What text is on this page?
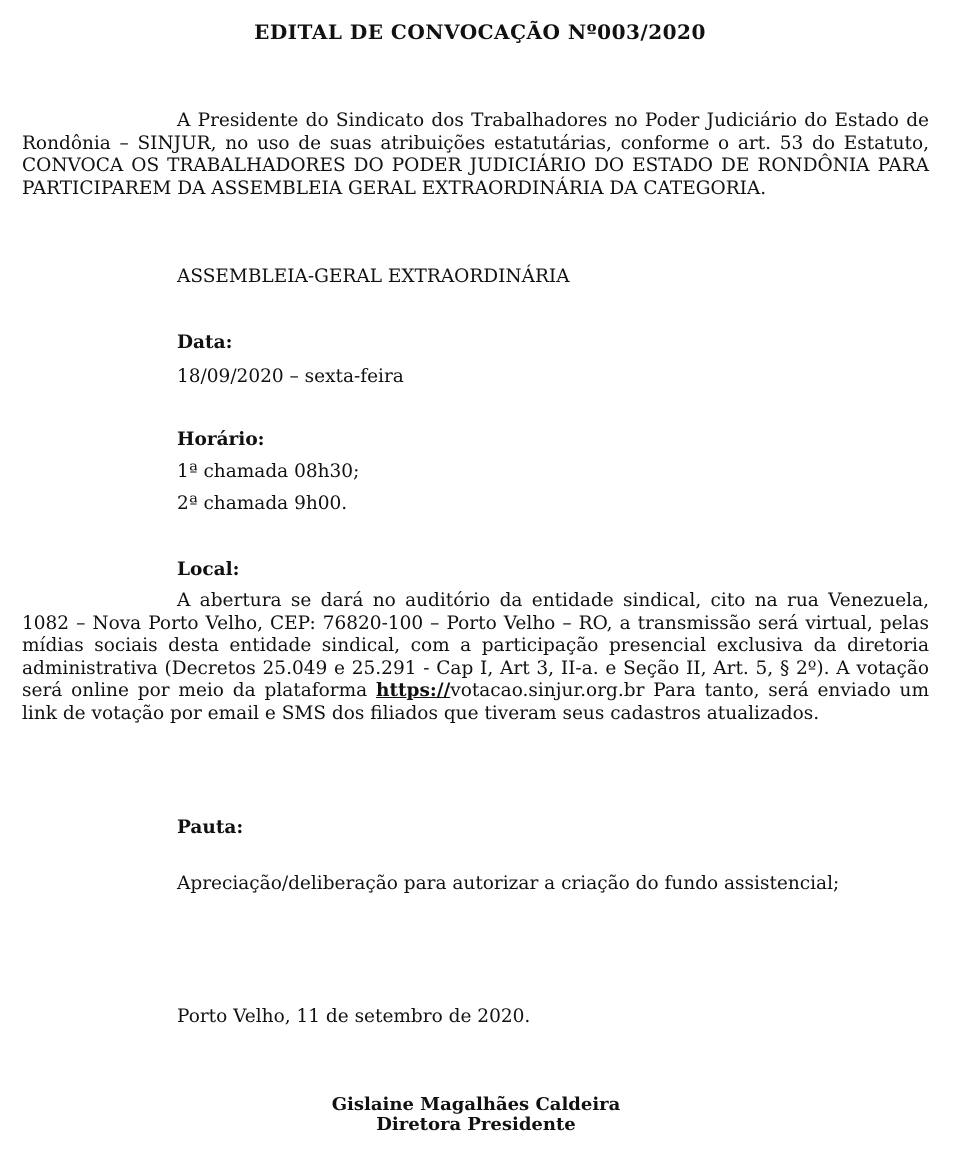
EDITAL DE CONVOCAÇÃO Nº003/2020

A Presidente do Sindicato dos Trabalhadores no Poder Judiciário do Estado de Rondônia – SINJUR, no uso de suas atribuições estatutárias, conforme o art. 53 do Estatuto, CONVOCA OS TRABALHADORES DO PODER JUDICIÁRIO DO ESTADO DE RONDÔNIA PARA PARTICIPAREM DA ASSEMBLEIA GERAL EXTRAORDINÁRIA DA CATEGORIA.

ASSEMBLEIA-GERAL EXTRAORDINÁRIA
Data:
18/09/2020 – sexta-feira
Horário:
1ª chamada 08h30;
2ª chamada 9h00.
Local:

A abertura se dará no auditório da entidade sindical, cito na rua Venezuela, 1082 – Nova Porto Velho, CEP: 76820-100 – Porto Velho – RO, a transmissão será virtual, pelas mídias sociais desta entidade sindical, com a participação presencial exclusiva da diretoria administrativa (Decretos 25.049 e 25.291 - Cap I, Art 3, II-a. e Seção II, Art. 5, § 2º). A votação será online por meio da plataforma https://votacao.sinjur.org.br Para tanto, será enviado um link de votação por email e SMS dos filiados que tiveram seus cadastros atualizados.

Pauta:

Apreciação/deliberação para autorizar a criação do fundo assistencial;

Porto Velho, 11 de setembro de 2020.
Gislaine Magalhães Caldeira
Diretora Presidente
